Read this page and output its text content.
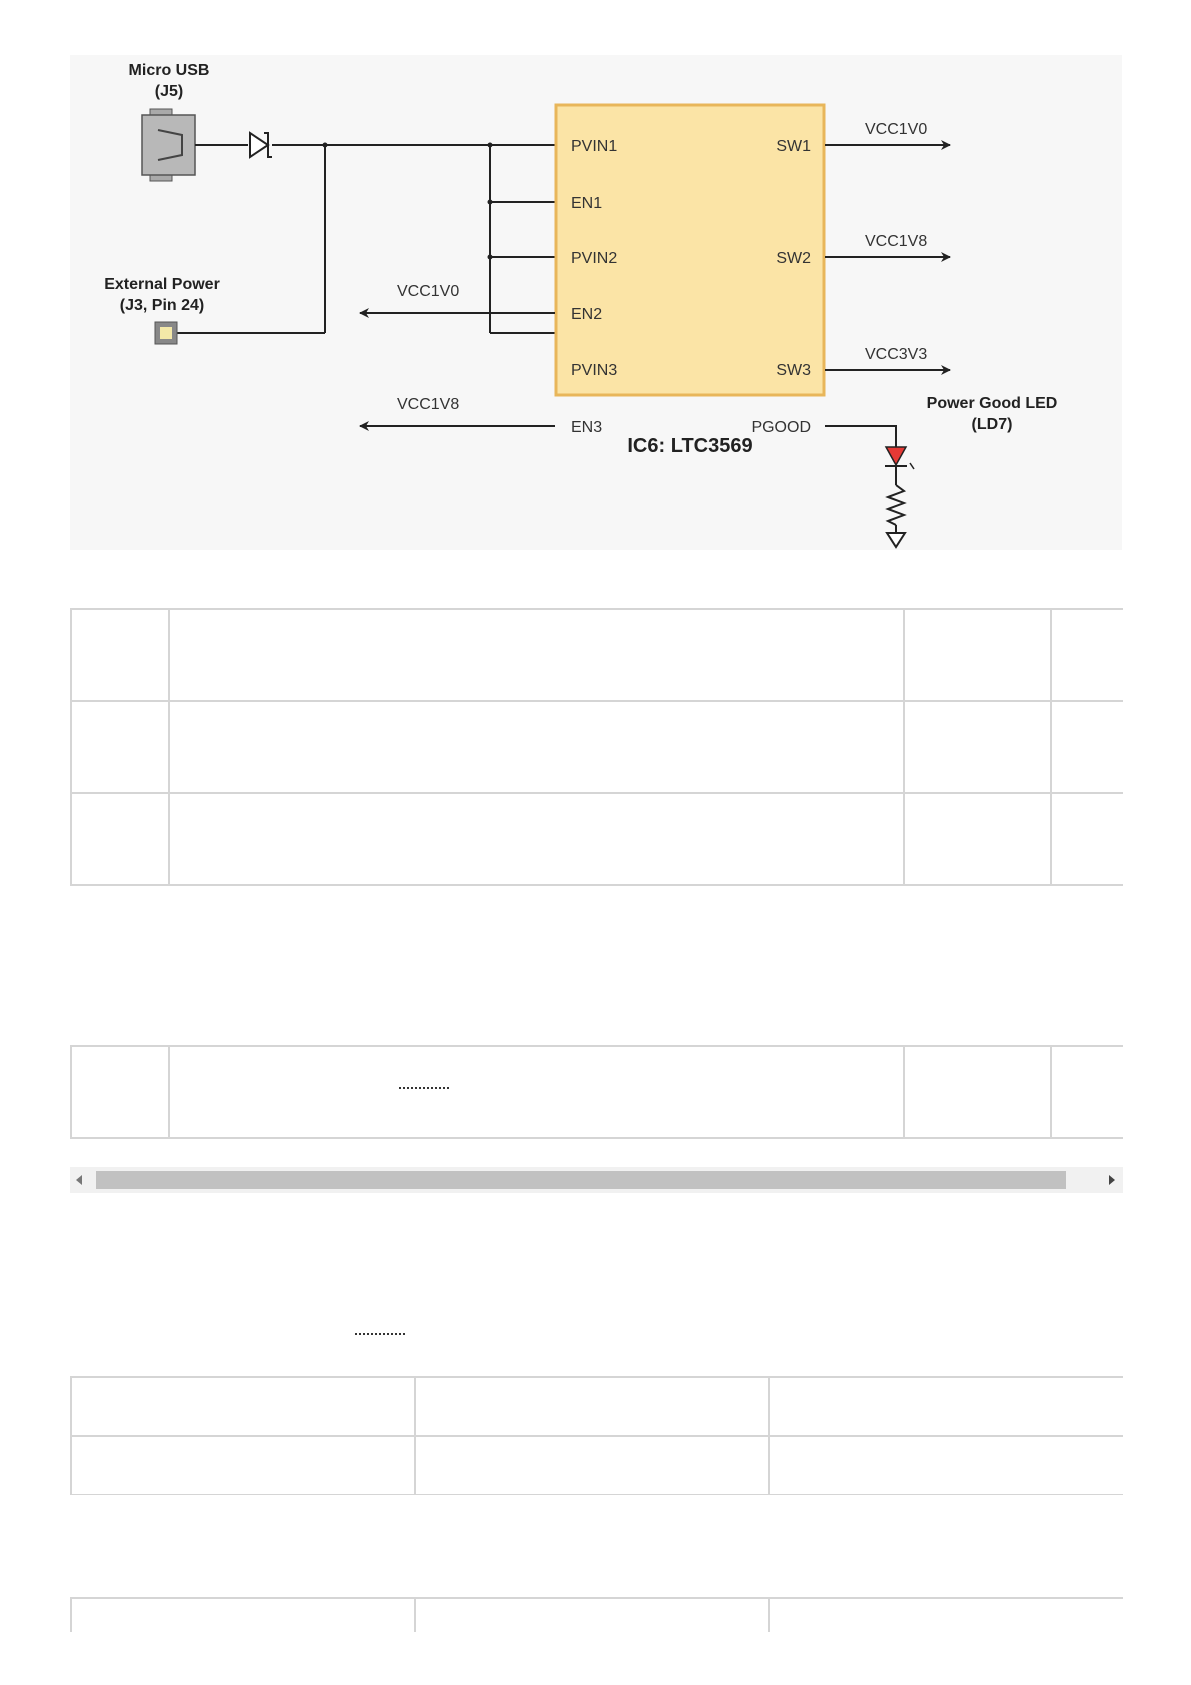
Micro USB
(J5)
External Power
(J3, Pin 24)
PVIN1
EN1
PVIN2
EN2
PVIN3
EN3
SW1
SW2
SW3
PGOOD
VCC1V0
VCC1V8
VCC1V0
VCC1V8
VCC3V3
Power Good LED
(LD7)
IC6: LTC3569
